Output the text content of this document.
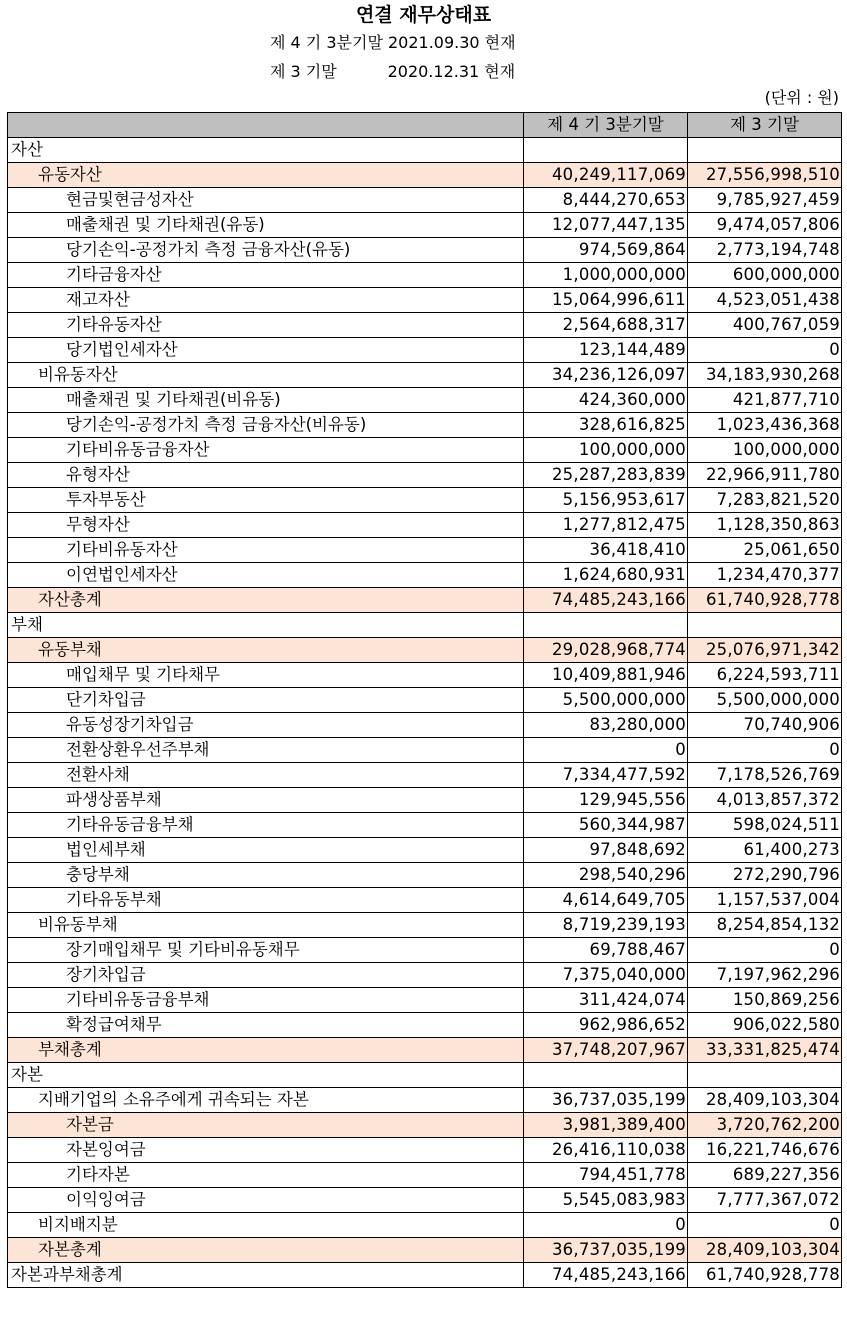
연결 재무상태표
제 4 기 3분기말 2021.09.30 현재
제 3 기말          2020.12.31 현재
(단위 : 원)
	제 4 기 3분기말	제 3 기말
자산		
유동자산	40,249,117,069	27,556,998,510
현금및현금성자산	8,444,270,653	9,785,927,459
매출채권 및 기타채권(유동)	12,077,447,135	9,474,057,806
당기손익-공정가치 측정 금융자산(유동)	974,569,864	2,773,194,748
기타금융자산	1,000,000,000	600,000,000
재고자산	15,064,996,611	4,523,051,438
기타유동자산	2,564,688,317	400,767,059
당기법인세자산	123,144,489	0
비유동자산	34,236,126,097	34,183,930,268
매출채권 및 기타채권(비유동)	424,360,000	421,877,710
당기손익-공정가치 측정 금융자산(비유동)	328,616,825	1,023,436,368
기타비유동금융자산	100,000,000	100,000,000
유형자산	25,287,283,839	22,966,911,780
투자부동산	5,156,953,617	7,283,821,520
무형자산	1,277,812,475	1,128,350,863
기타비유동자산	36,418,410	25,061,650
이연법인세자산	1,624,680,931	1,234,470,377
자산총계	74,485,243,166	61,740,928,778
부채		
유동부채	29,028,968,774	25,076,971,342
매입채무 및 기타채무	10,409,881,946	6,224,593,711
단기차입금	5,500,000,000	5,500,000,000
유동성장기차입금	83,280,000	70,740,906
전환상환우선주부채	0	0
전환사채	7,334,477,592	7,178,526,769
파생상품부채	129,945,556	4,013,857,372
기타유동금융부채	560,344,987	598,024,511
법인세부채	97,848,692	61,400,273
충당부채	298,540,296	272,290,796
기타유동부채	4,614,649,705	1,157,537,004
비유동부채	8,719,239,193	8,254,854,132
장기매입채무 및 기타비유동채무	69,788,467	0
장기차입금	7,375,040,000	7,197,962,296
기타비유동금융부채	311,424,074	150,869,256
확정급여채무	962,986,652	906,022,580
부채총계	37,748,207,967	33,331,825,474
자본		
지배기업의 소유주에게 귀속되는 자본	36,737,035,199	28,409,103,304
자본금	3,981,389,400	3,720,762,200
자본잉여금	26,416,110,038	16,221,746,676
기타자본	794,451,778	689,227,356
이익잉여금	5,545,083,983	7,777,367,072
비지배지분	0	0
자본총계	36,737,035,199	28,409,103,304
자본과부채총계	74,485,243,166	61,740,928,778
